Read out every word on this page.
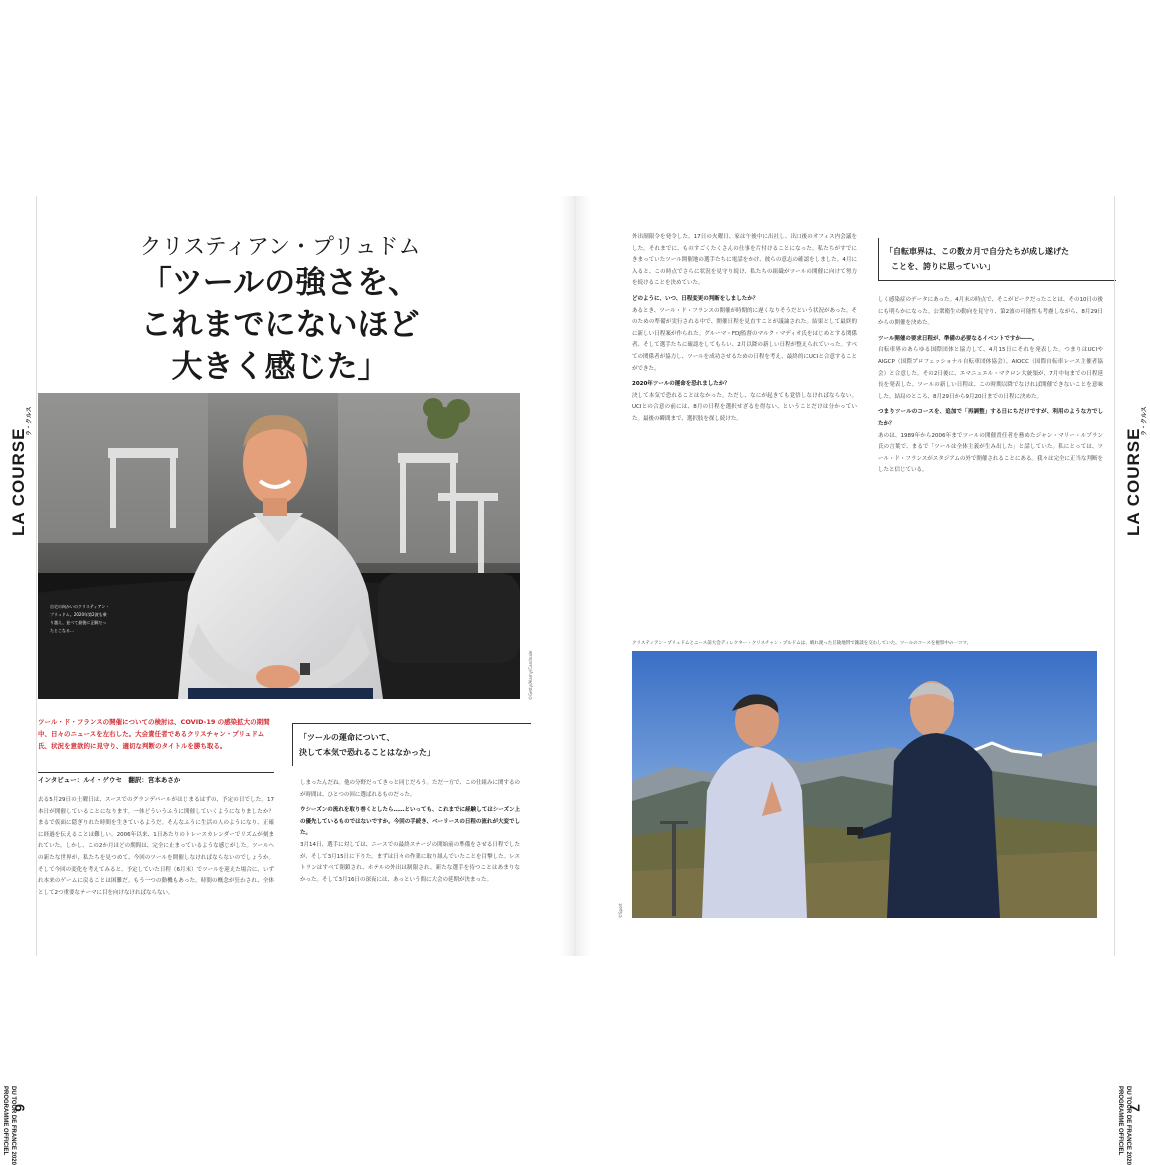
LA COURSE
ラ・クルス
PROGRAMME OFFICIEL DU TOUR DE FRANCE 2020
6
クリスティアン・プリュドム
「ツールの強さを、
これまでにないほど
大きく感じた」
自宅の向かいのクリスティアン・プリュドム。2020年第2波も乗り越え、並べて最後に正解だったとこなる…
©Getty/Alamy/Cardinale
ツール・ド・フランスの開催についての検討は、COVID-19 の感染拡大の期間中、日々のニュースを左右した。大会責任者であるクリスチャン・プリュドム氏、状況を意欲的に見守り、適切な判断のタイトルを勝ち取る。
インタビュー：ルイ・ゲウセ　翻訳：宮本あさか
去る5月29日の土曜日は、スースでのグランデパールがはじまるはずの、予定の日でした。17本日が開催していることになります。一体どういうふうに開催していくようになりましたか？ まるで仮面に隠ぎりれた時間を生きているようだ。そんなふうに生活の人のようになり、正確に経過を伝えることは難しい。2006年以来、1日あたりのトレースカレンダーでリズムが刻まれていた。しかし、この2か月ほどの期間は、完全に止まっているような感じがした。ツールへの新たな世界が、私たちを見つめて、今回のツールを開催しなければならないのでしょうか。そして今回の変化を考えてみると、予定していた日程（6月末）でツールを迎えた場合に、いずれ本来のゲームに戻ることは困難だ。もう一つの動機もあった。時間の概念が狂わされ、全体として2つ重要なテーマに目を向けなければならない。
「ツールの運命について、
決して本気で恐れることはなかった」
しまったんだね。他の分野だってきっと同じだろう。ただ一方で、この仕組みに関するのが時間は、ひとつの回に選ばれるものだった。
ウシーズンの流れを取り巻くとしたら……といっても、これまでに経験してはシーズン上の優先しているものではないですか。今回の手続き、ベーリースの日程の流れが大変でした。
3月14日、選手に対しては、ニースでの最終ステージの開始前の準備をさせる日程でしたが、そして3月15日に下りた。まずは日々の作業に取り組んでいたことを目撃した。レストランはすべて閉鎖され、ホテルの外出は制限され、新たな選手を待つことはあまりなかった。そして3月16日の深夜には、あっという間に大会の延期が決まった。
外出制限令を発令した。17日の火曜日、家は午後中に出社し、出口後のオフィス内会議をした。それまでに、ものすごくたくさんの仕事を片付けることになった。私たちがすでにきまっていたツール開催地の選手たちに電話をかけ、彼らの意志の確認をしました。4月に入ると、この時点でさらに状況を見守り続け、私たちの組織がツールの開催に向けて努力を続けることを決めていた。
どのように、いつ、日程変更の判断をしましたか？
あるとき、ツール・ド・フランスの開催が時期的に遅くなりそうだという状況があった。そのための準備が実行される中で、開催日程を見直すことが議論された。結果として最終的に新しい日程案が作られた。グルーマ・FDJ監督のマルク・マディオ氏をはじめとする関係者、そして選手たちに確認をしてもらい、2月以降の新しい日程が整えられていった。すべての関係者が協力し、ツールを成功させるための日程を考え、最終的にUCIと合意することができた。
2020年ツールの運命を恐れましたか？
決して本気で恐れることはなかった。ただし、なにが起きても覚悟しなければならない。UCIとの合意の前には、8月の日程を選択せざるを得ない、ということだけは分かっていた。最後の瞬間まで、選択肢を探し続けた。
「自転車界は、この数カ月で自分たちが成し遂げた
ことを、誇りに思っていい」
しく感染症のデータにあった。4月末の時点で、そこがピークだったことは、その10日の後にも明らかになった。公衆衛生の動向を見守り、第2波の可能性も考慮しながら、8月29日からの開催を決めた。
ツール開催の要求日程が、準備の必要なるイベントですか――。
自転車界のあらゆる国際団体と協力して、4月15日にそれを発表した。つまりはUCIやAIGCP（国際プロフェッショナル自転車団体協会）、AIOCC（国際自転車レース主催者協会）と合意した。その2日後に、エマニュエル・マクロン大統領が、7月中旬までの日程延長を発表した。ツールの新しい日程は、この時期以降でなければ開催できないことを意味した。結局のところ、8月29日から9月20日までの日程に決めた。
つまりツールのコースを、追加で「再調整」する日にちだけですが、利用のような方でしたか？
あのは、1989年から2006年までツールの開催責任者を務めたジャン・マリー・ルブラン氏の言葉で、まるで「ツールは全体主義が生み出した」と話していた。私にとっては、ツール・ド・フランスがスタジアムの外で開催されることにある。我々は完全に正当な判断をしたと信じている。
クリスティアン・プリュドムとニース前大会ディレクター・クリスチャン・プルドムは、晴れ渡った丘陵地帯で雑談を交わしていた。ツールのコースを視察中の一コマ。
©Sport
LA COURSE
ラ・クルス
PROGRAMME OFFICIEL DU TOUR DE FRANCE 2020
7
